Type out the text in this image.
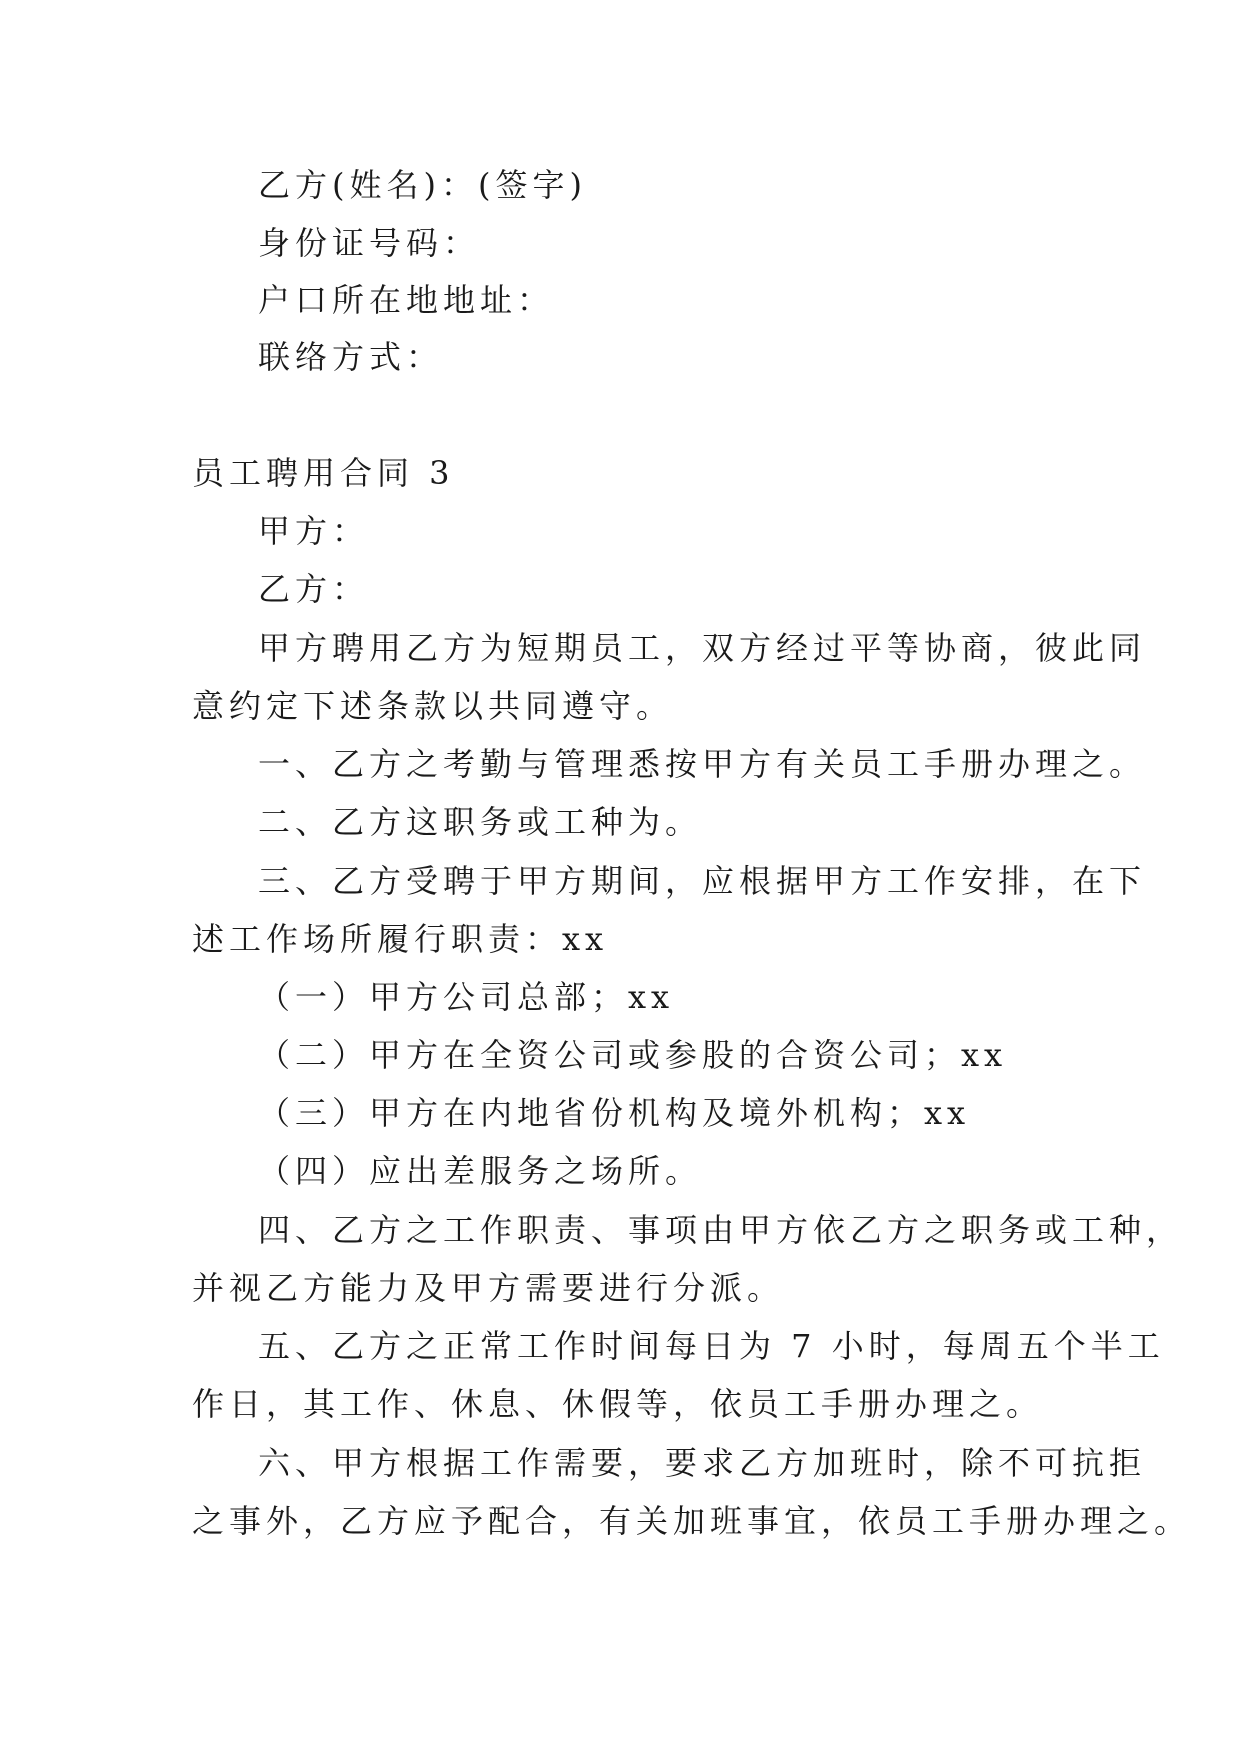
乙方(姓名)：(签字)
身份证号码：
户口所在地地址：
联络方式：
员工聘用合同 3
甲方：
乙方：
甲方聘用乙方为短期员工，双方经过平等协商，彼此同
意约定下述条款以共同遵守。
一、乙方之考勤与管理悉按甲方有关员工手册办理之。
二、乙方这职务或工种为。
三、乙方受聘于甲方期间，应根据甲方工作安排，在下
述工作场所履行职责：xx
（一）甲方公司总部；xx
（二）甲方在全资公司或参股的合资公司；xx
（三）甲方在内地省份机构及境外机构；xx
（四）应出差服务之场所。
四、乙方之工作职责、事项由甲方依乙方之职务或工种，
并视乙方能力及甲方需要进行分派。
五、乙方之正常工作时间每日为 7 小时，每周五个半工
作日，其工作、休息、休假等，依员工手册办理之。
六、甲方根据工作需要，要求乙方加班时，除不可抗拒
之事外，乙方应予配合，有关加班事宜，依员工手册办理之。
